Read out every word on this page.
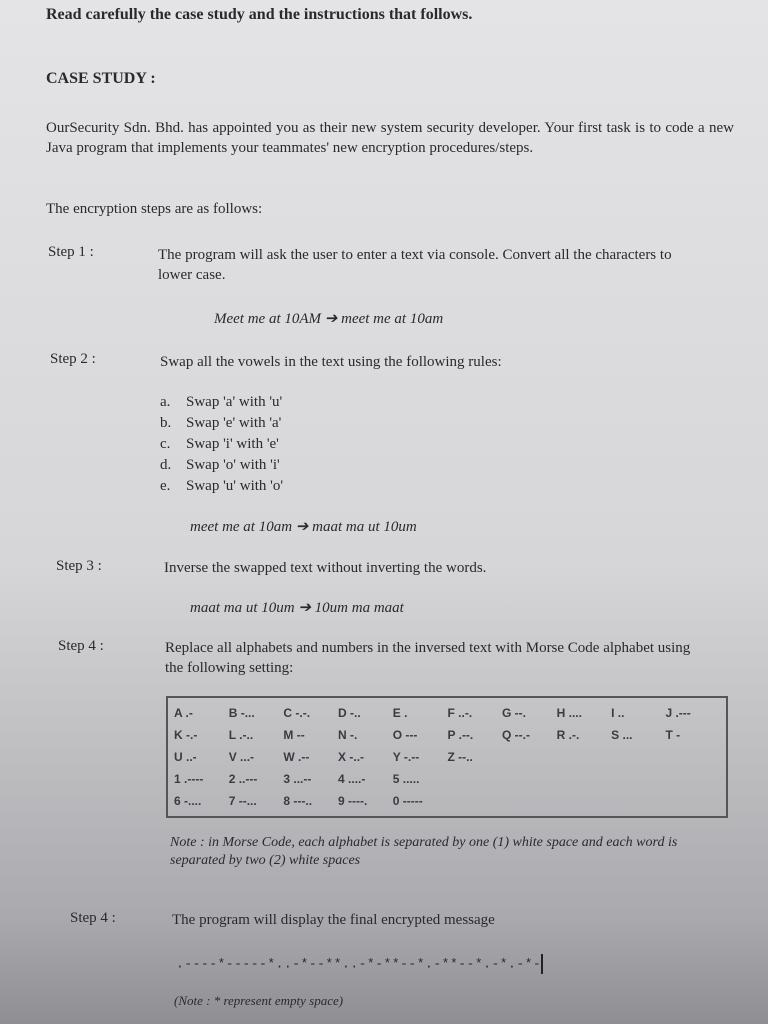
Read carefully the case study and the instructions that follows.
CASE STUDY :

OurSecurity Sdn. Bhd. has appointed you as their new system security developer. Your first task is to code a new Java program that implements your teammates' new encryption procedures/steps.

The encryption steps are as follows:
Step 1 :	The program will ask the user to enter a text via console. Convert all the characters to lower case.

Meet me at 10AM ➔ meet me at 10am
Step 2 :	Swap all the vowels in the text using the following rules:

a. Swap 'a' with 'u'
b. Swap 'e' with 'a'
c. Swap 'i' with 'e'
d. Swap 'o' with 'i'
e. Swap 'u' with 'o'
meet me at 10am ➔ maat ma ut 10um
Step 3 :	Inverse the swapped text without inverting the words.

maat ma ut 10um ➔ 10um ma maat
Step 4 :	Replace all alphabets and numbers in the inversed text with Morse Code alphabet using the following setting:

A .-	B -...	C -.-.	D -..	E .	F ..-.	G --.	H ....	I ..	J .---
K -.-	L .-..	M --	N -.	O ---	P .--.	Q --.-	R .-.	S ...	T -
U ..-	V ...-	W .--	X -..-	Y -.--	Z --..				
1 .----	2 ..---	3 ...--	4 ....-	5 .....					
6 -....	7 --...	8 ---..	9 ----.	0 -----					

Note : in Morse Code, each alphabet is separated by one (1) white space and each word is separated by two (2) white spaces

Step 4 :	The program will display the final encrypted message

.----*-----*..-*--**..-*-**--*.-**--*.-*.-*-
(Note : * represent empty space)
